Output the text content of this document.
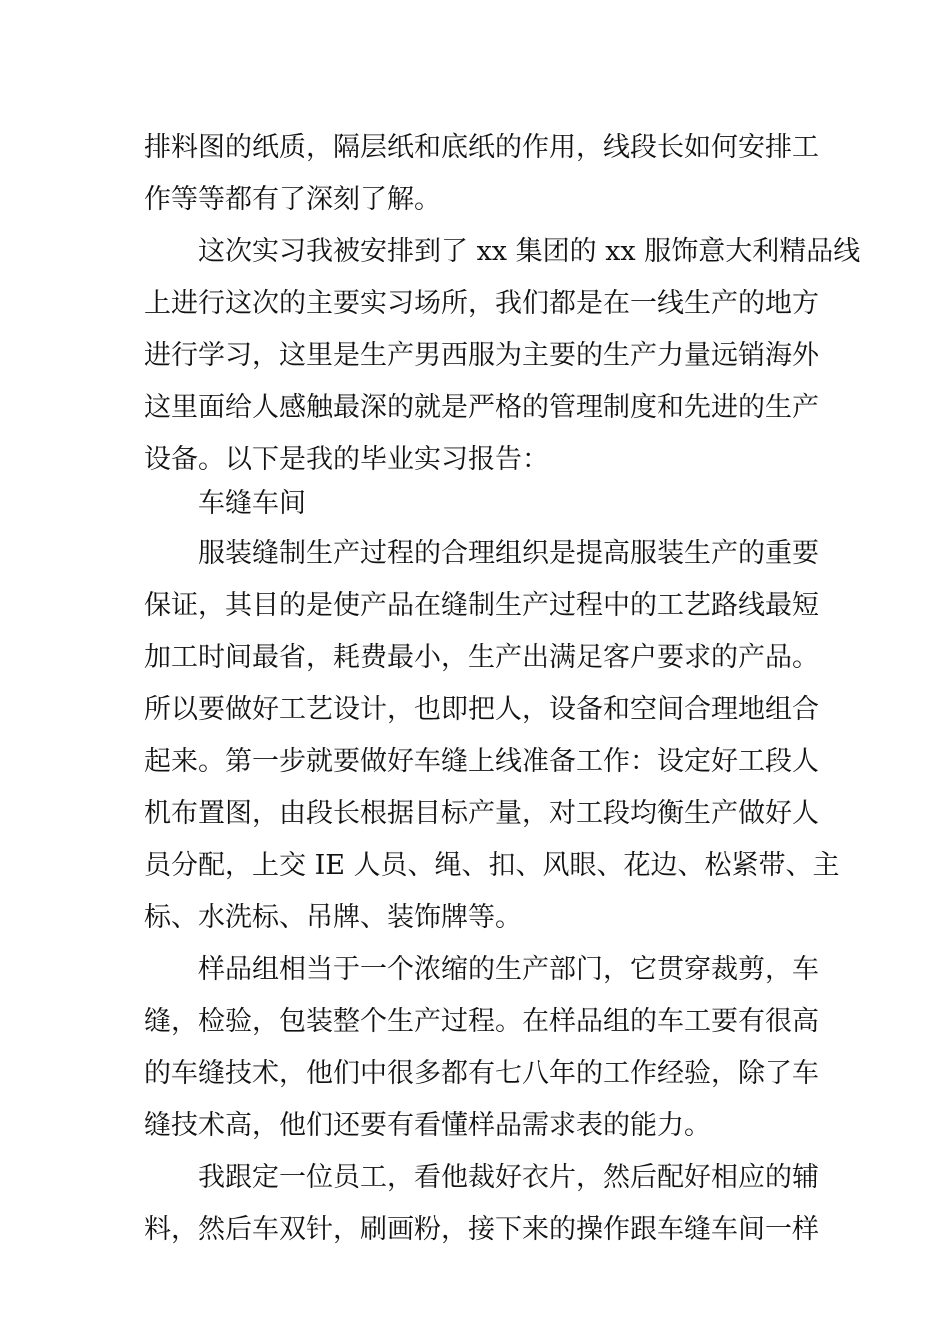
排料图的纸质，隔层纸和底纸的作用，线段长如何安排工
作等等都有了深刻了解。
这次实习我被安排到了 xx 集团的 xx 服饰意大利精品线
上进行这次的主要实习场所，我们都是在一线生产的地方
进行学习，这里是生产男西服为主要的生产力量远销海外
这里面给人感触最深的就是严格的管理制度和先进的生产
设备。以下是我的毕业实习报告：
车缝车间
服装缝制生产过程的合理组织是提高服装生产的重要
保证，其目的是使产品在缝制生产过程中的工艺路线最短
加工时间最省，耗费最小，生产出满足客户要求的产品。
所以要做好工艺设计，也即把人，设备和空间合理地组合
起来。第一步就要做好车缝上线准备工作：设定好工段人
机布置图，由段长根据目标产量，对工段均衡生产做好人
员分配，上交 IE 人员、绳、扣、风眼、花边、松紧带、主
标、水洗标、吊牌、装饰牌等。
样品组相当于一个浓缩的生产部门，它贯穿裁剪，车
缝，检验，包装整个生产过程。在样品组的车工要有很高
的车缝技术，他们中很多都有七八年的工作经验，除了车
缝技术高，他们还要有看懂样品需求表的能力。
我跟定一位员工，看他裁好衣片，然后配好相应的辅
料，然后车双针，刷画粉，接下来的操作跟车缝车间一样
